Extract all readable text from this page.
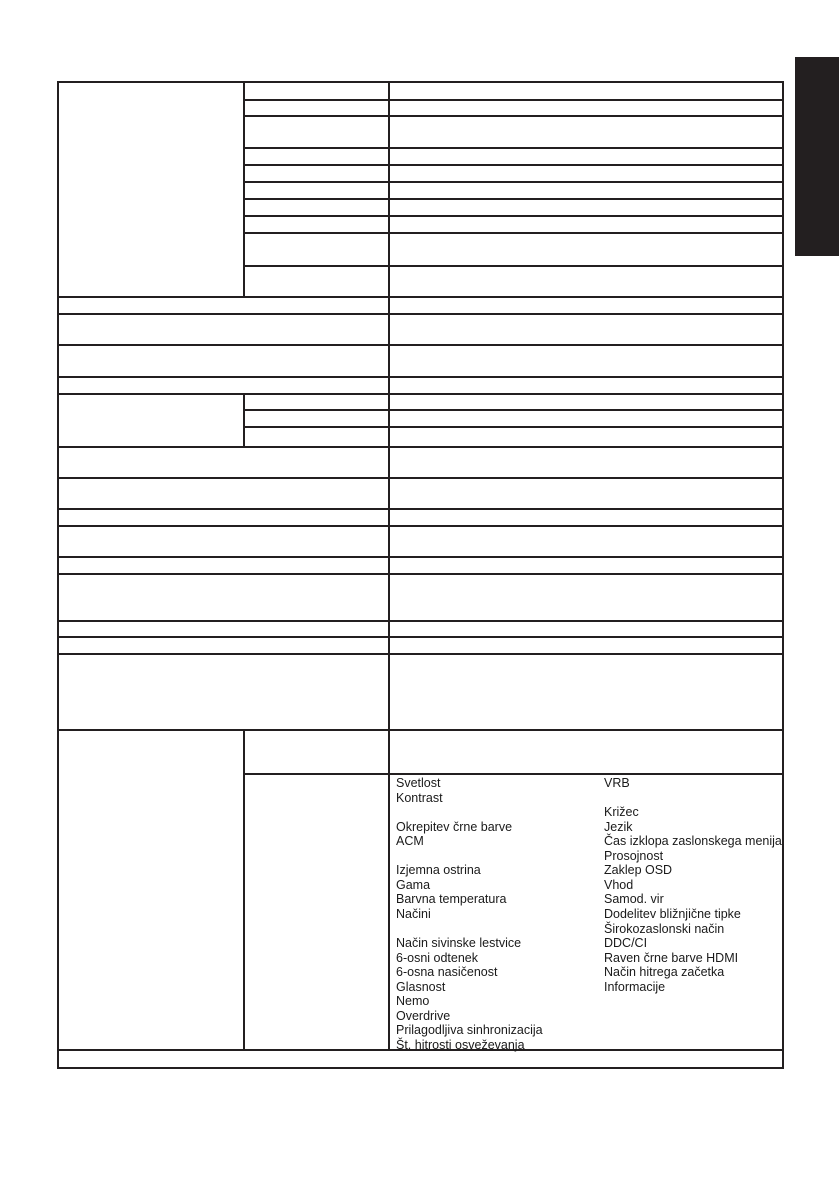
Svetlost
Kontrast
Okrepitev črne barve
ACM
Izjemna ostrina
Gama
Barvna temperatura
Načini
Način sivinske lestvice
6-osni odtenek
6-osna nasičenost
Glasnost
Nemo
Overdrive
Prilagodljiva sinhronizacija
Št. hitrosti osveževanja
VRB
Križec
Jezik
Čas izklopa zaslonskega menija
Prosojnost
Zaklep OSD
Vhod
Samod. vir
Dodelitev bližnjične tipke
Širokozaslonski način
DDC/CI
Raven črne barve HDMI
Način hitrega začetka
Informacije
